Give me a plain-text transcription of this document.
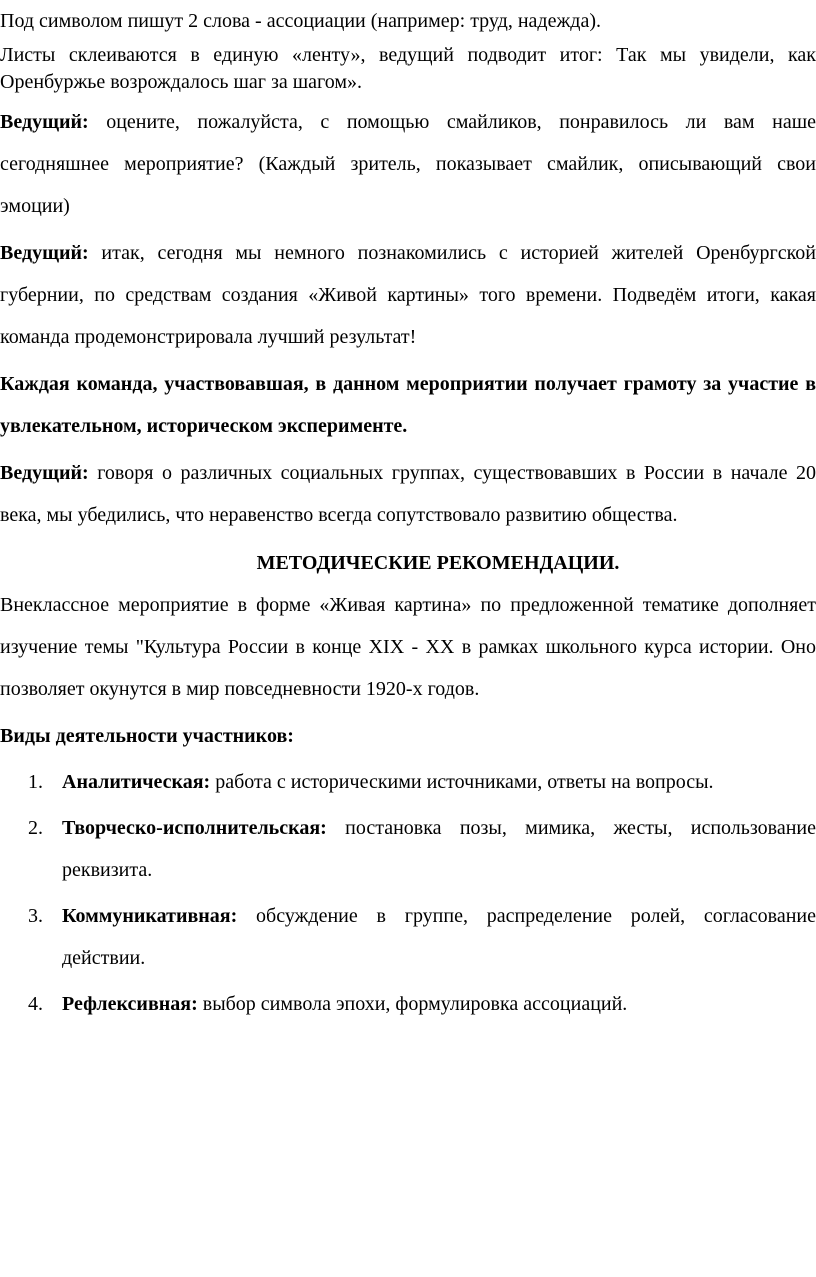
Под символом пишут 2 слова - ассоциации (например: труд, надежда).

Листы склеиваются в единую «ленту», ведущий подводит итог: Так мы увидели, как Оренбуржье возрождалось шаг за шагом».

Ведущий: оцените, пожалуйста, с помощью смайликов, понравилось ли вам наше сегодняшнее мероприятие? (Каждый зритель, показывает смайлик, описывающий свои эмоции)

Ведущий: итак, сегодня мы немного познакомились с историей жителей Оренбургской губернии, по средствам создания «Живой картины» того времени. Подведём итоги, какая команда продемонстрировала лучший результат!

Каждая команда, участвовавшая, в данном мероприятии получает грамоту за участие в увлекательном, историческом эксперименте.

Ведущий: говоря о различных социальных группах, существовавших в России в начале 20 века, мы убедились, что неравенство всегда сопутствовало развитию общества.

МЕТОДИЧЕСКИЕ РЕКОМЕНДАЦИИ.

Внеклассное мероприятие в форме «Живая картина» по предложенной тематике дополняет изучение темы "Культура России в конце XIX - XX в рамках школьного курса истории. Оно позволяет окунутся в мир повседневности 1920-х годов.

Виды деятельности участников:

1. Аналитическая: работа с историческими источниками, ответы на вопросы.
2. Творческо-исполнительская: постановка позы, мимика, жесты, использование реквизита.
3. Коммуникативная: обсуждение в группе, распределение ролей, согласование действии.
4. Рефлексивная: выбор символа эпохи, формулировка ассоциаций.
